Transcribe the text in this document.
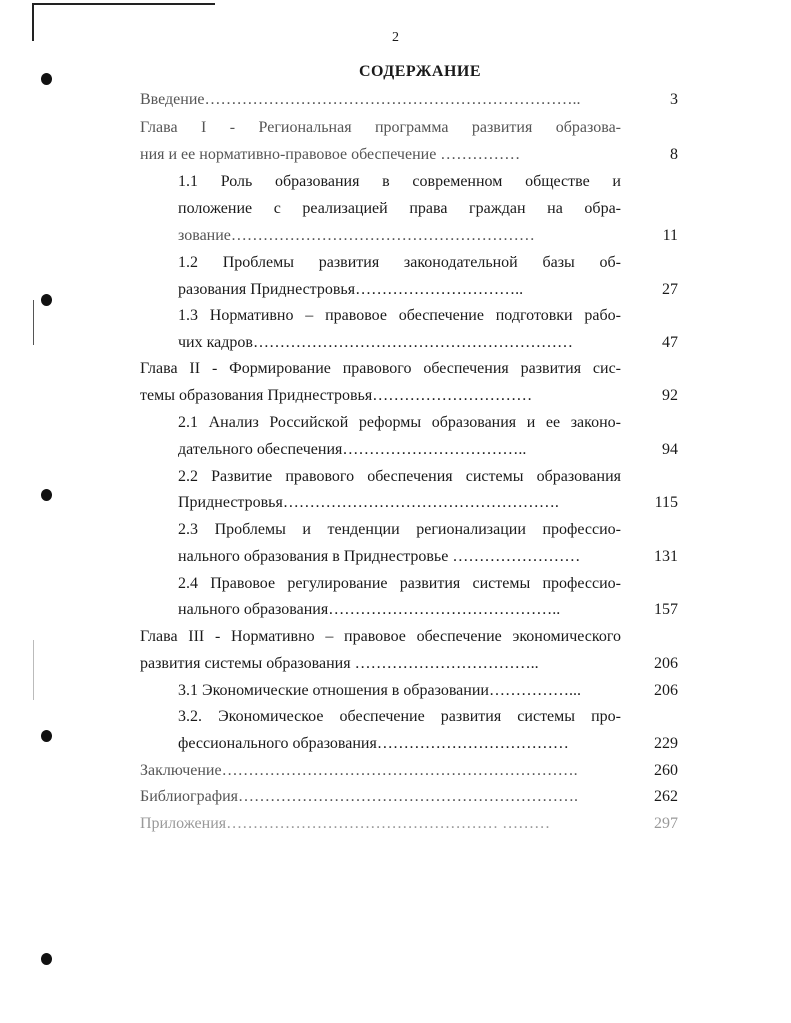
2
СОДЕРЖАНИЕ
Введение……………………………………………………………..	3
Глава I - Региональная программа развития образова-
ния и ее нормативно-правовое обеспечение ……………	8
1.1 Роль образования в современном обществе и
положение с реализацией права граждан на обра-
зование…………………………………………………	11
1.2 Проблемы развития законодательной базы об-
разования Приднестровья…………………………..	27
1.3 Нормативно – правовое обеспечение подготовки рабо-
чих кадров……………………………………………………	47
Глава II - Формирование правового обеспечения развития сис-
темы образования Приднестровья…………………………	92
2.1 Анализ Российской реформы образования и ее законо-
дательного обеспечения……………………………..	94
2.2 Развитие правового обеспечения системы образования
Приднестровья…………………………………………….	115
2.3 Проблемы и тенденции регионализации профессио-
нального образования в Приднестровье ……………………	131
2.4 Правовое регулирование развития системы профессио-
нального образования……………………………………..	157
Глава III - Нормативно – правовое обеспечение экономического
развития системы образования ……………………………..	206
3.1 Экономические отношения в образовании……………...	206
3.2. Экономическое обеспечение развития системы про-
фессионального образования………………………………	229
Заключение………………………………………………………….	260
Библиография……………………………………………………….	262
Приложения…………………………………………… ………	297
